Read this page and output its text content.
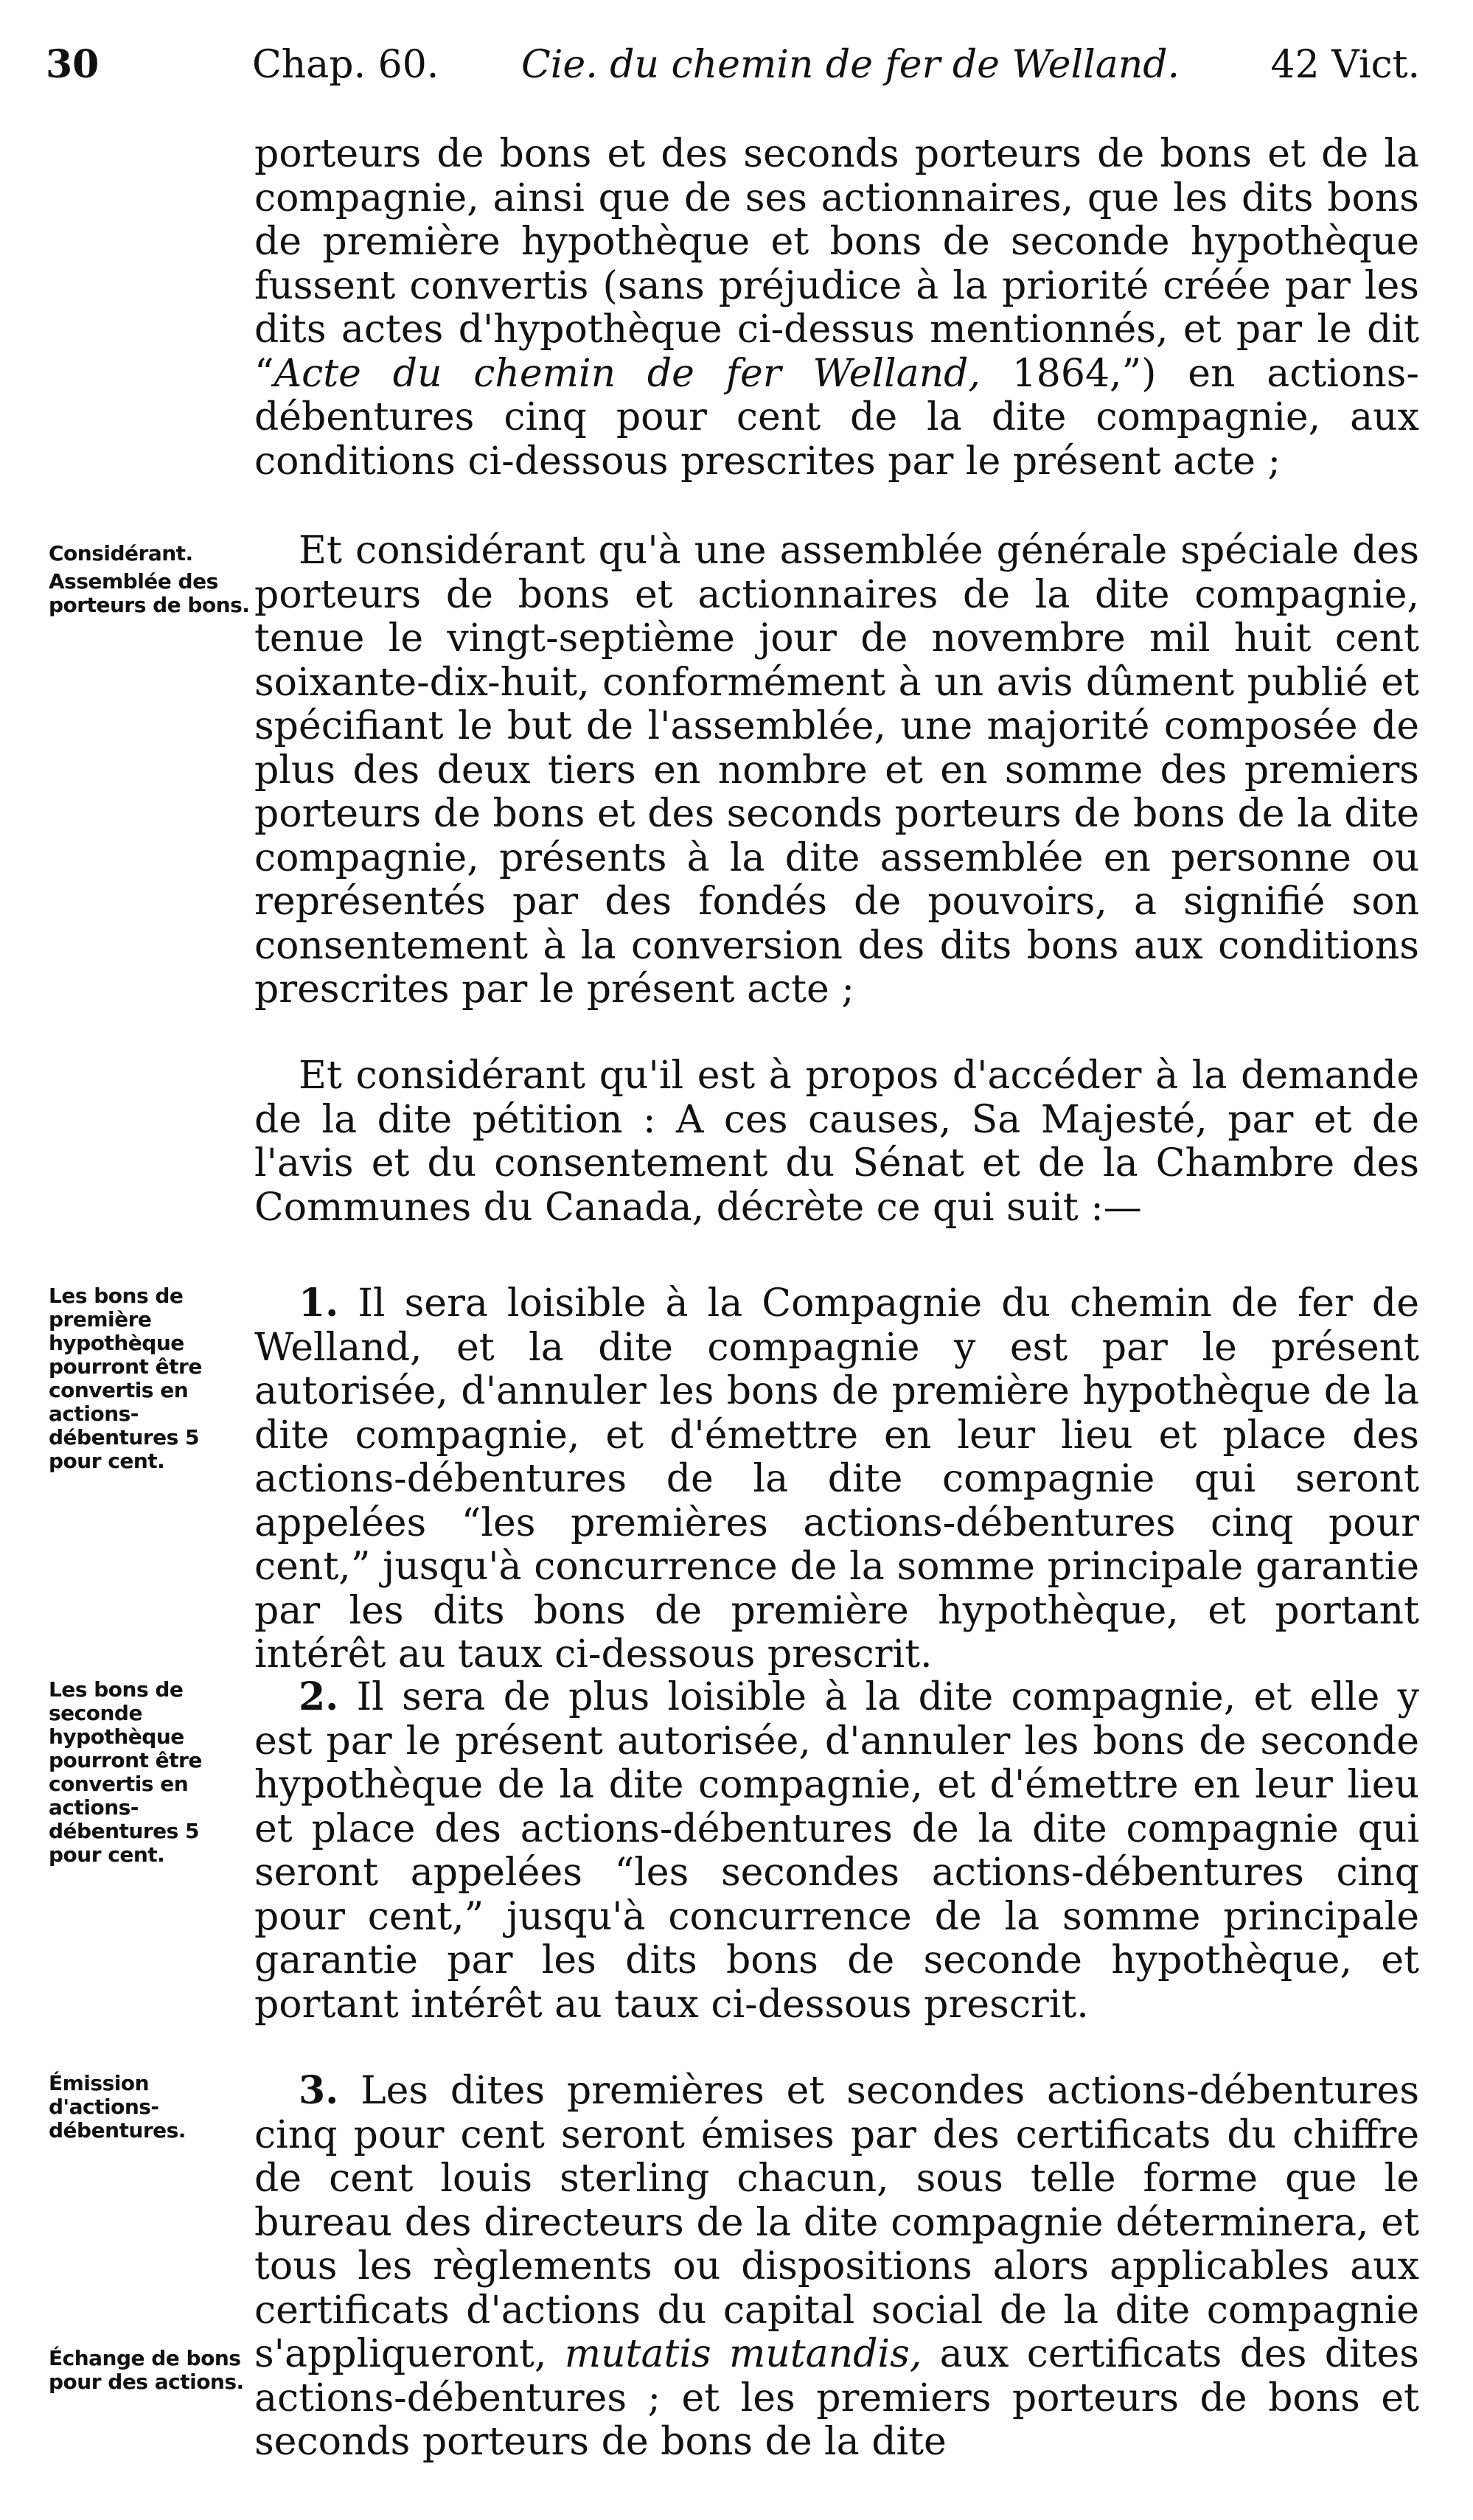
30	Chap. 60. Cie. du chemin de fer de Welland. 42 Vict.

porteurs de bons et des seconds porteurs de bons et de la compagnie, ainsi que de ses actionnaires, que les dits bons de première hypothèque et bons de seconde hypothèque fussent convertis (sans préjudice à la priorité créée par les dits actes d'hypothèque ci-dessus mentionnés, et par le dit “Acte du chemin de fer Welland, 1864,”) en actions-débentures cinq pour cent de la dite compagnie, aux conditions ci-dessous prescrites par le présent acte ;

Et considérant qu'à une assemblée générale spéciale des porteurs de bons et actionnaires de la dite compagnie, tenue le vingt-septième jour de novembre mil huit cent soixante-dix-huit, conformément à un avis dûment publié et spécifiant le but de l'assemblée, une majorité composée de plus des deux tiers en nombre et en somme des premiers porteurs de bons et des seconds porteurs de bons de la dite compagnie, présents à la dite assemblée en personne ou représentés par des fondés de pouvoirs, a signifié son consentement à la conversion des dits bons aux conditions prescrites par le présent acte ;

Et considérant qu'il est à propos d'accéder à la demande de la dite pétition : A ces causes, Sa Majesté, par et de l'avis et du consentement du Sénat et de la Chambre des Communes du Canada, décrète ce qui suit :—

1. Il sera loisible à la Compagnie du chemin de fer de Welland, et la dite compagnie y est par le présent autorisée, d'annuler les bons de première hypothèque de la dite compagnie, et d'émettre en leur lieu et place des actions-débentures de la dite compagnie qui seront appelées “les premières actions-débentures cinq pour cent,” jusqu'à concurrence de la somme principale garantie par les dits bons de première hypothèque, et portant intérêt au taux ci-dessous prescrit.

2. Il sera de plus loisible à la dite compagnie, et elle y est par le présent autorisée, d'annuler les bons de seconde hypothèque de la dite compagnie, et d'émettre en leur lieu et place des actions-débentures de la dite compagnie qui seront appelées “les secondes actions-débentures cinq pour cent,” jusqu'à concurrence de la somme principale garantie par les dits bons de seconde hypothèque, et portant intérêt au taux ci-dessous prescrit.

3. Les dites premières et secondes actions-débentures cinq pour cent seront émises par des certificats du chiffre de cent louis sterling chacun, sous telle forme que le bureau des directeurs de la dite compagnie déterminera, et tous les règlements ou dispositions alors applicables aux certificats d'actions du capital social de la dite compagnie s'appliqueront, mutatis mutandis, aux certificats des dites actions-débentures ; et les premiers porteurs de bons et seconds porteurs de bons de la dite

Considérant.
Assemblée des porteurs de bons.
Les bons de première hypothèque pourront être convertis en actions-débentures 5 pour cent.
Les bons de seconde hypothèque pourront être convertis en actions-débentures 5 pour cent.
Émission d'actions-débentures.
Échange de bons pour des actions.
